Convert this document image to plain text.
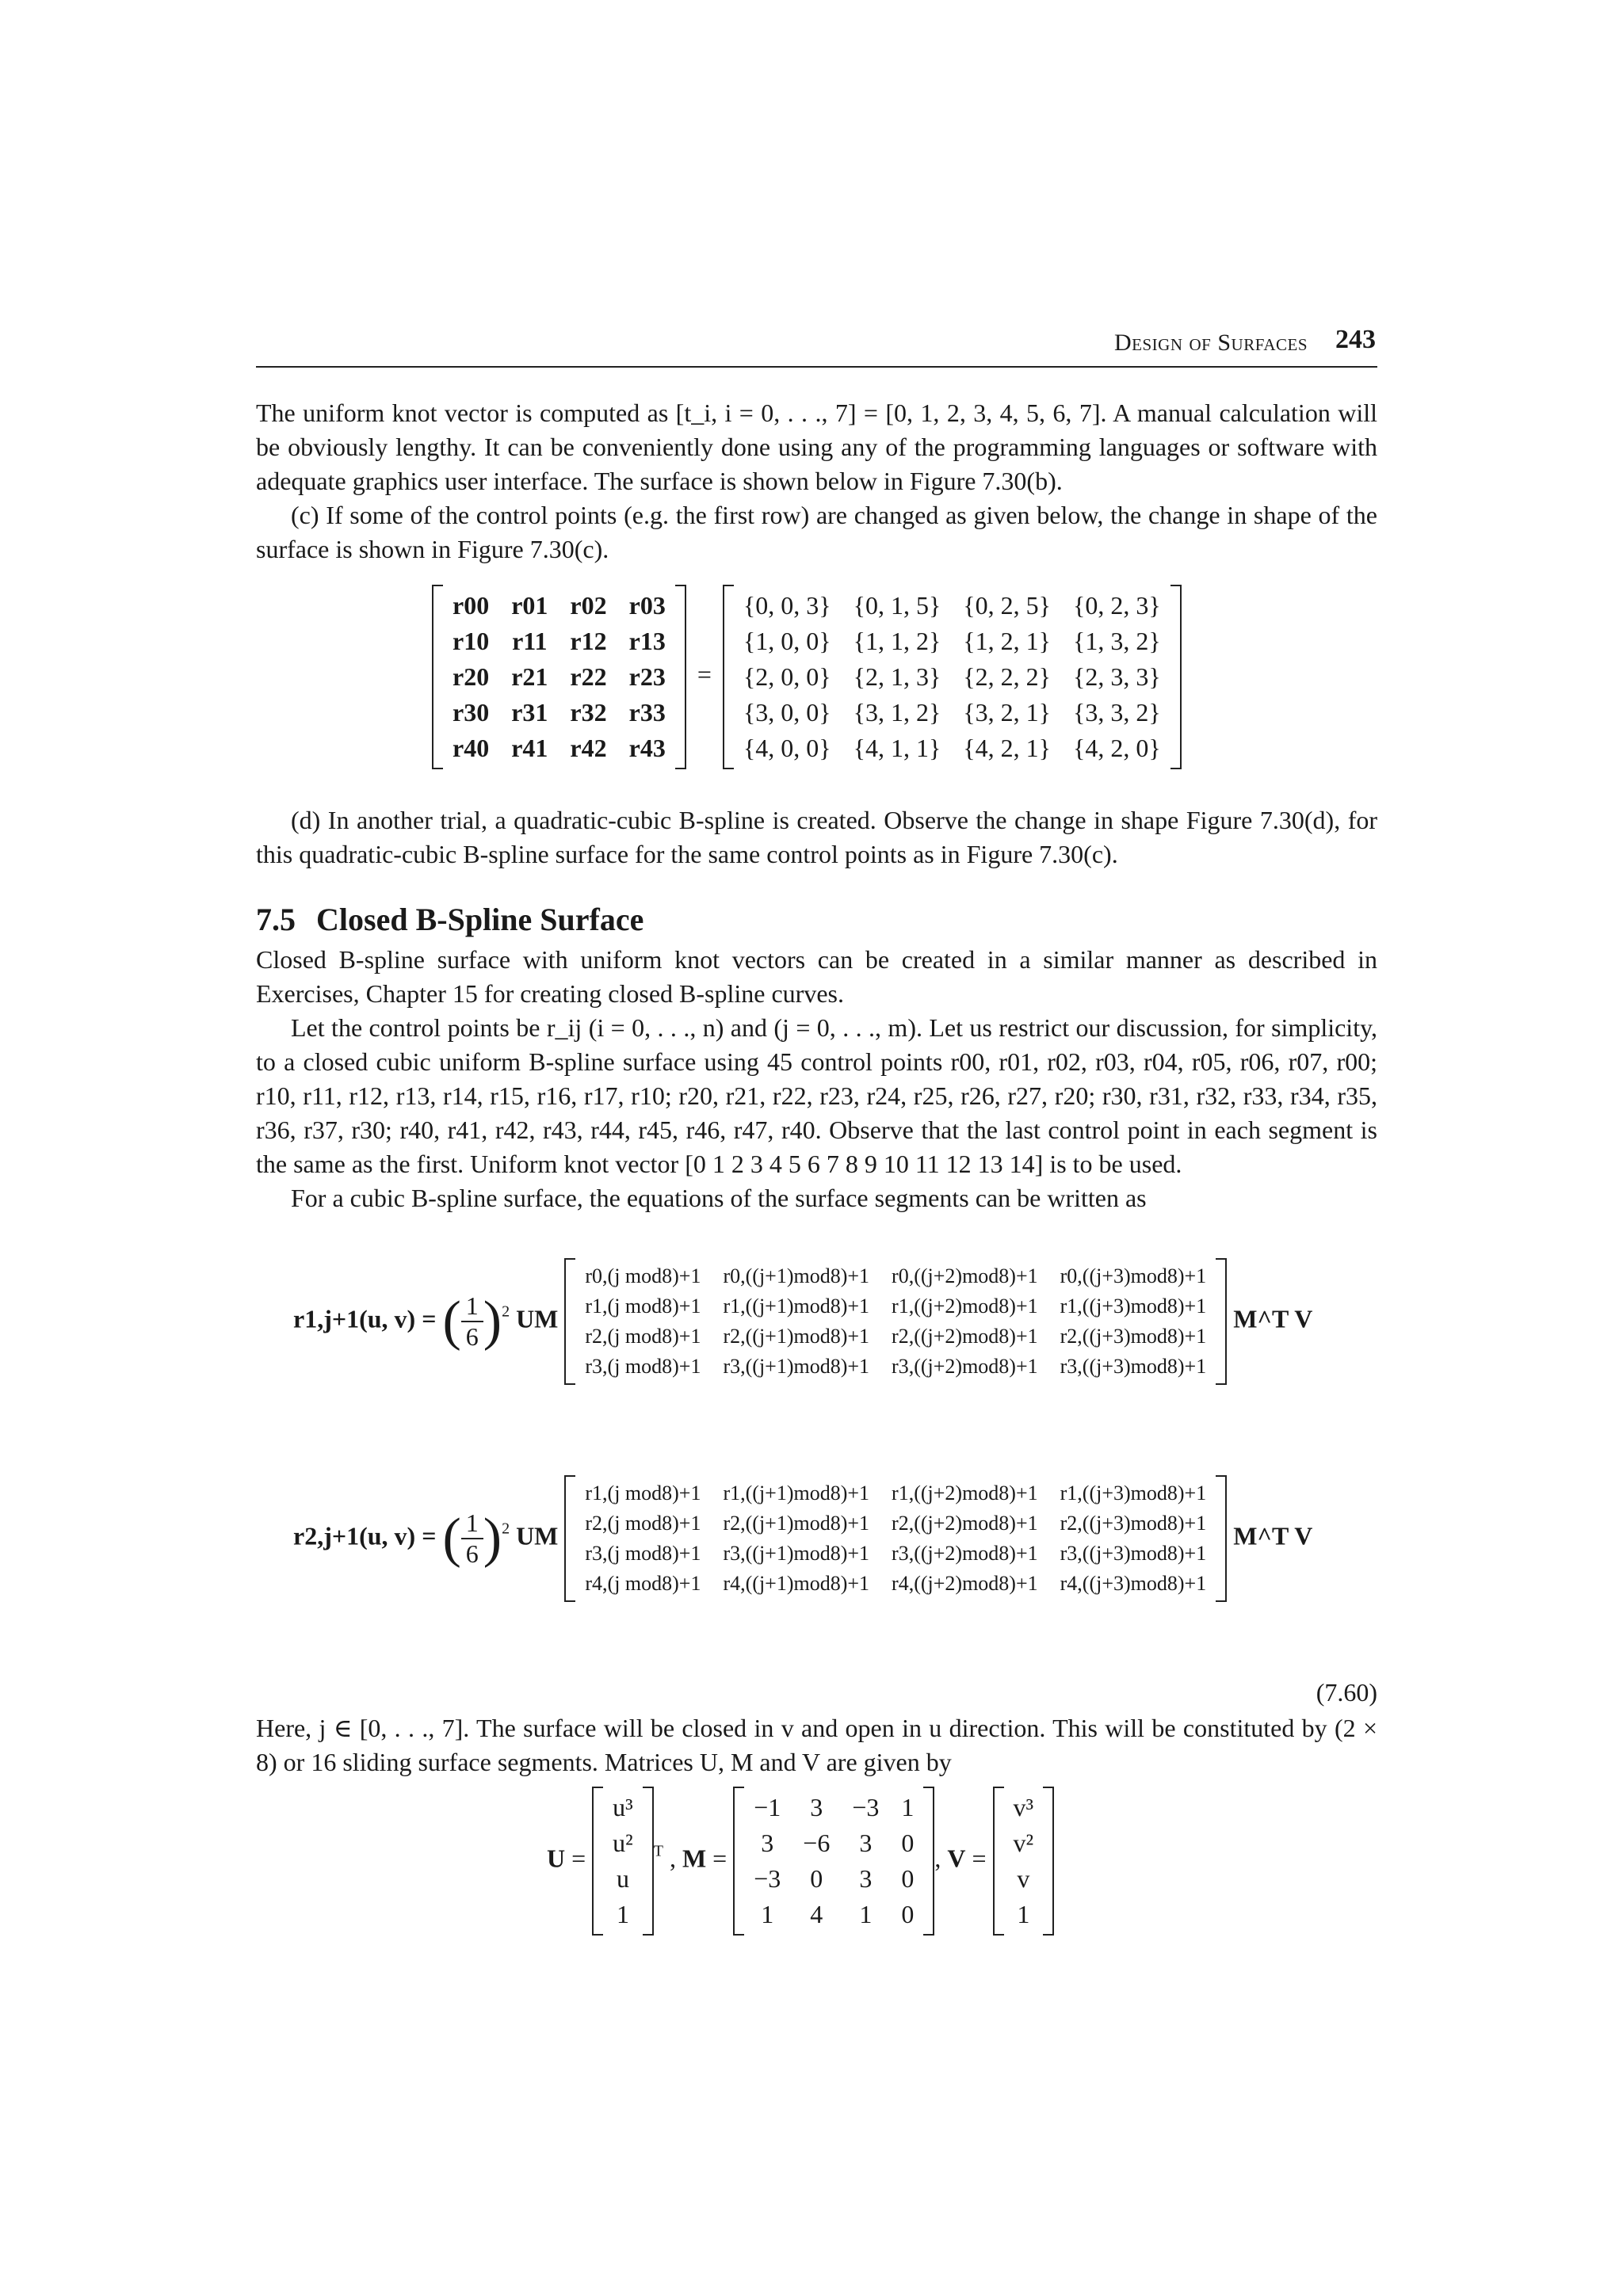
Design of Surfaces 243

The uniform knot vector is computed as [t_i, i = 0, . . ., 7] = [0, 1, 2, 3, 4, 5, 6, 7]. A manual calculation will be obviously lengthy. It can be conveniently done using any of the programming languages or software with adequate graphics user interface. The surface is shown below in Figure 7.30(b).

(c) If some of the control points (e.g. the first row) are changed as given below, the change in shape of the surface is shown in Figure 7.30(c).

r00	r01	r02	r03
r10	r11	r12	r13
r20	r21	r22	r23
r30	r31	r32	r33
r40	r41	r42	r43
=
{0, 0, 3}	{0, 1, 5}	{0, 2, 5}	{0, 2, 3}
{1, 0, 0}	{1, 1, 2}	{1, 2, 1}	{1, 3, 2}
{2, 0, 0}	{2, 1, 3}	{2, 2, 2}	{2, 3, 3}
{3, 0, 0}	{3, 1, 2}	{3, 2, 1}	{3, 3, 2}
{4, 0, 0}	{4, 1, 1}	{4, 2, 1}	{4, 2, 0}

(d) In another trial, a quadratic-cubic B-spline is created. Observe the change in shape Figure 7.30(d), for this quadratic-cubic B-spline surface for the same control points as in Figure 7.30(c).

7.5 Closed B-Spline Surface

Closed B-spline surface with uniform knot vectors can be created in a similar manner as described in Exercises, Chapter 15 for creating closed B-spline curves.

Let the control points be r_ij (i = 0, . . ., n) and (j = 0, . . ., m). Let us restrict our discussion, for simplicity, to a closed cubic uniform B-spline surface using 45 control points r00, r01, r02, r03, r04, r05, r06, r07, r00; r10, r11, r12, r13, r14, r15, r16, r17, r10; r20, r21, r22, r23, r24, r25, r26, r27, r20; r30, r31, r32, r33, r34, r35, r36, r37, r30; r40, r41, r42, r43, r44, r45, r46, r47, r40. Observe that the last control point in each segment is the same as the first. Uniform knot vector [0 1 2 3 4 5 6 7 8 9 10 11 12 13 14] is to be used.

For a cubic B-spline surface, the equations of the surface segments can be written as

r1,j+1(u, v) = ( $\frac{1}{6} )^2$ UM
r0,(j mod8)+1	r0,((j+1)mod8)+1	r0,((j+2)mod8)+1	r0,((j+3)mod8)+1
r1,(j mod8)+1	r1,((j+1)mod8)+1	r1,((j+2)mod8)+1	r1,((j+3)mod8)+1
r2,(j mod8)+1	r2,((j+1)mod8)+1	r2,((j+2)mod8)+1	r2,((j+3)mod8)+1
r3,(j mod8)+1	r3,((j+1)mod8)+1	r3,((j+2)mod8)+1	r3,((j+3)mod8)+1
M^T V
r2,j+1(u, v) = ( $\frac{1}{6} )^2$ UM
r1,(j mod8)+1	r1,((j+1)mod8)+1	r1,((j+2)mod8)+1	r1,((j+3)mod8)+1
r2,(j mod8)+1	r2,((j+1)mod8)+1	r2,((j+2)mod8)+1	r2,((j+3)mod8)+1
r3,(j mod8)+1	r3,((j+1)mod8)+1	r3,((j+2)mod8)+1	r3,((j+3)mod8)+1
r4,(j mod8)+1	r4,((j+1)mod8)+1	r4,((j+2)mod8)+1	r4,((j+3)mod8)+1
M^T V
(7.60)

Here, j ∈ [0, . . ., 7]. The surface will be closed in v and open in u direction. This will be constituted by (2 × 8) or 16 sliding surface segments. Matrices U, M and V are given by

U =
u³
u²
u
1
$^T$ , M =
−1	3	−3	1
3	−6	3	0
−3	0	3	0
1	4	1	0
, V =
v³
v²
v
1
